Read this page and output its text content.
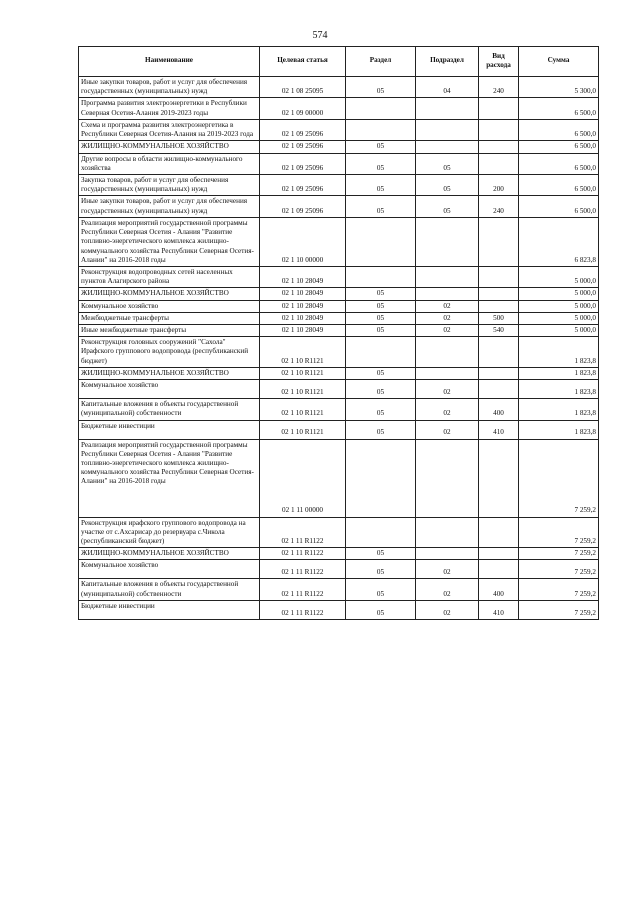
574
Наименование	Целевая статья	Раздел	Подраздел	Вид расхода	Сумма
Иные закупки товаров, работ и услуг для обеспечения государственных (муниципальных) нужд	02 1 08 25095	05	04	240	5 300,0
Программа развития электроэнергетики в Республики Северная Осетия-Алания 2019-2023 годы	02 1 09 00000				6 500,0
Схема и программа развития электроэнергетика в Республики Северная Осетия-Алания на 2019-2023 года	02 1 09 25096				6 500,0
ЖИЛИЩНО-КОММУНАЛЬНОЕ ХОЗЯЙСТВО	02 1 09 25096	05			6 500,0
Другие вопросы в области жилищно-коммунального хозяйства	02 1 09 25096	05	05		6 500,0
Закупка товаров, работ и услуг для обеспечения государственных (муниципальных) нужд	02 1 09 25096	05	05	200	6 500,0
Иные закупки товаров, работ и услуг для обеспечения государственных (муниципальных) нужд	02 1 09 25096	05	05	240	6 500,0
Реализация мероприятий государственной программы Республики Северная Осетия - Алания "Развитие топливно-энергетического комплекса жилищно-коммунального хозяйства Республики Северная Осетия-Алании" на 2016-2018 годы	02 1 10 00000				6 823,8
Реконструкция водопроводных сетей населенных пунктов Алагирского района	02 1 10 28049				5 000,0
ЖИЛИЩНО-КОММУНАЛЬНОЕ ХОЗЯЙСТВО	02 1 10 28049	05			5 000,0
Коммунальное хозяйство	02 1 10 28049	05	02		5 000,0
Межбюджетные трансферты	02 1 10 28049	05	02	500	5 000,0
Иные межбюджетные трансферты	02 1 10 28049	05	02	540	5 000,0
Реконструкция головных сооружений "Сахола" Ирафского группового водопровода (республиканский бюджет)	02 1 10 R1121				1 823,8
ЖИЛИЩНО-КОММУНАЛЬНОЕ ХОЗЯЙСТВО	02 1 10 R1121	05			1 823,8
Коммунальное хозяйство	02 1 10 R1121	05	02		1 823,8
Капитальные вложения в объекты государственной (муниципальной) собственности	02 1 10 R1121	05	02	400	1 823,8
Бюджетные инвестиции	02 1 10 R1121	05	02	410	1 823,8
Реализация мероприятий государственной программы Республики Северная Осетия - Алания "Развитие топливно-энергетического комплекса жилищно-коммунального хозяйства Республики Северная Осетия-Алании" на 2016-2018 годы	02 1 11 00000				7 259,2
Реконструкция ирафского группового водопровода на участке от с.Ахсарисар до резервуара с.Чикола (республиканский бюджет)	02 1 11 R1122				7 259,2
ЖИЛИЩНО-КОММУНАЛЬНОЕ ХОЗЯЙСТВО	02 1 11 R1122	05			7 259,2
Коммунальное хозяйство	02 1 11 R1122	05	02		7 259,2
Капитальные вложения в объекты государственной (муниципальной) собственности	02 1 11 R1122	05	02	400	7 259,2
Бюджетные инвестиции	02 1 11 R1122	05	02	410	7 259,2
